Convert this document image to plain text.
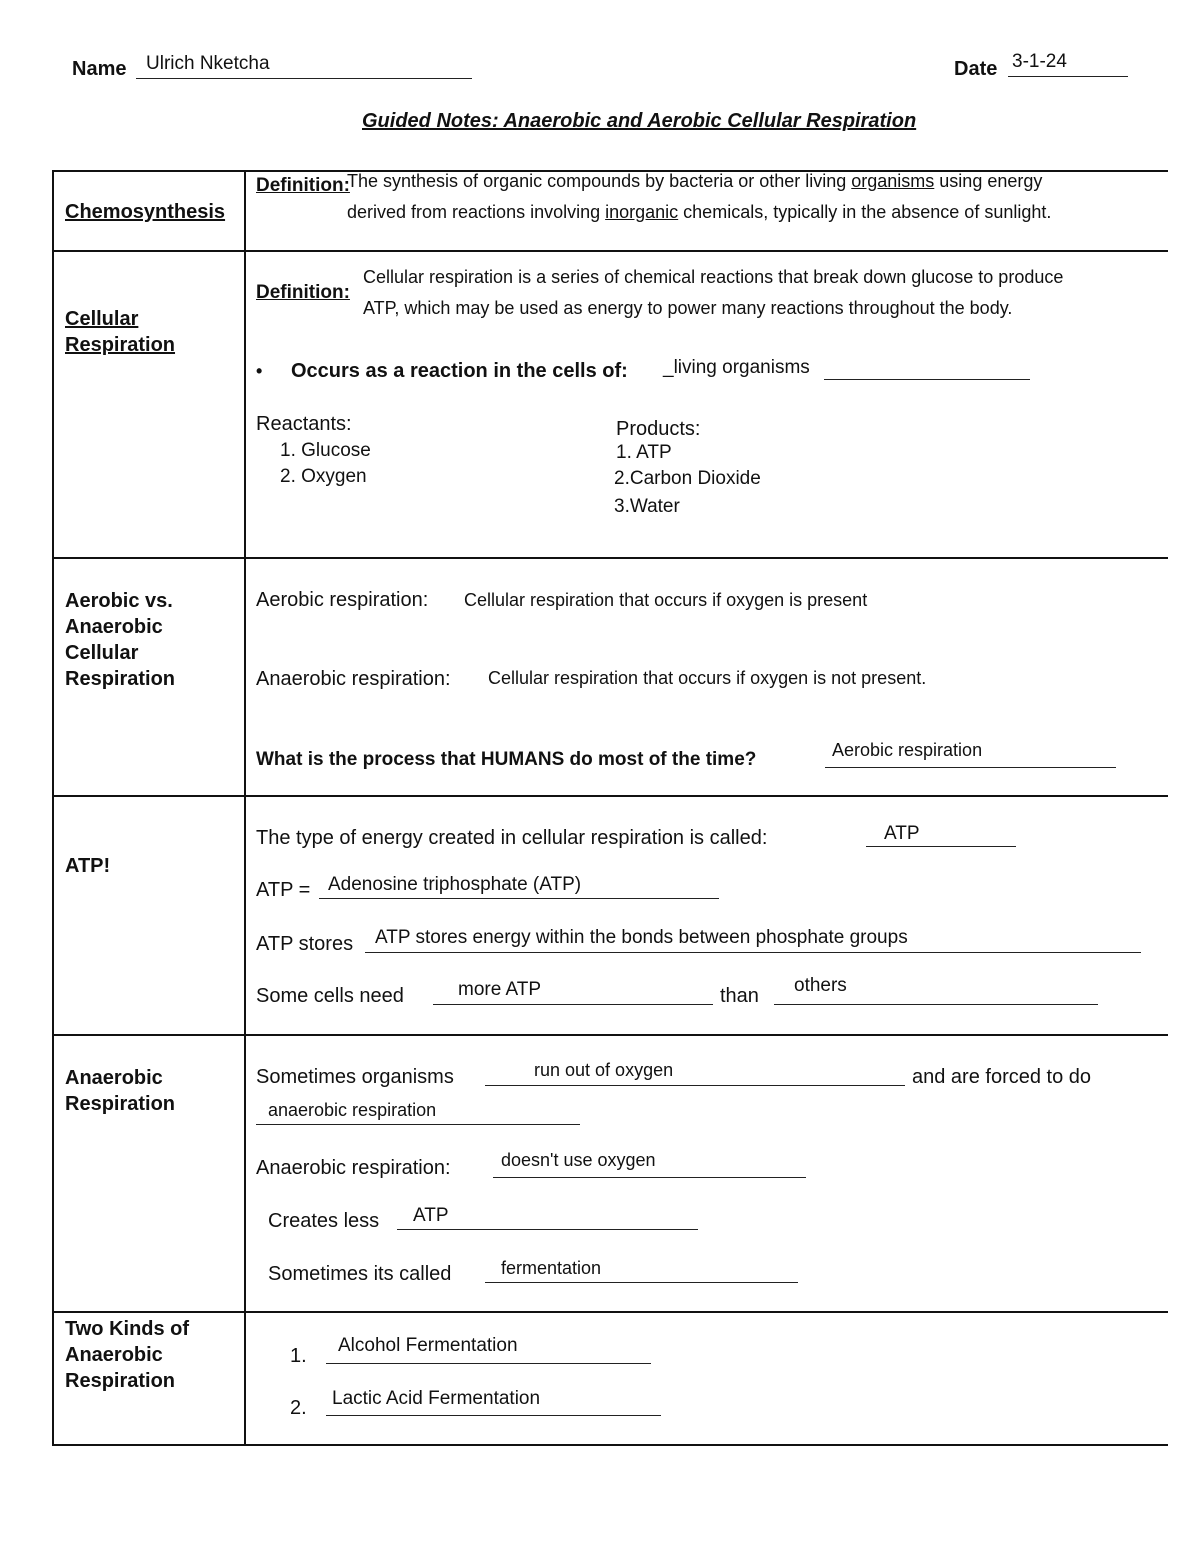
Name Ulrich Nketcha	Date 3-1-24
Guided Notes: Anaerobic and Aerobic Cellular Respiration
Chemosynthesis
Definition:
The synthesis of organic compounds by bacteria or other living organisms using energy
derived from reactions involving inorganic chemicals, typically in the absence of sunlight.
Cellular
Respiration
Definition:
Cellular respiration is a series of chemical reactions that break down glucose to produce
ATP, which may be used as energy to power many reactions throughout the body.
• Occurs as a reaction in the cells of: _living organisms
Reactants:
1. Glucose
2. Oxygen
Products:
1. ATP
2.Carbon Dioxide
3.Water
Aerobic vs.
Anaerobic
Cellular
Respiration
Aerobic respiration: Cellular respiration that occurs if oxygen is present
Anaerobic respiration: Cellular respiration that occurs if oxygen is not present.
What is the process that HUMANS do most of the time?	Aerobic respiration
ATP!
The type of energy created in cellular respiration is called:	ATP
ATP = Adenosine triphosphate (ATP)
ATP stores ATP stores energy within the bonds between phosphate groups
Some cells need	more ATP	than others
Anaerobic
Respiration
Sometimes organisms	run out of oxygen	and are forced to do
anaerobic respiration
Anaerobic respiration:	doesn't use oxygen
Creates less ATP
Sometimes its called	fermentation
Two Kinds of
Anaerobic
Respiration
1. Alcohol Fermentation
2. Lactic Acid Fermentation
